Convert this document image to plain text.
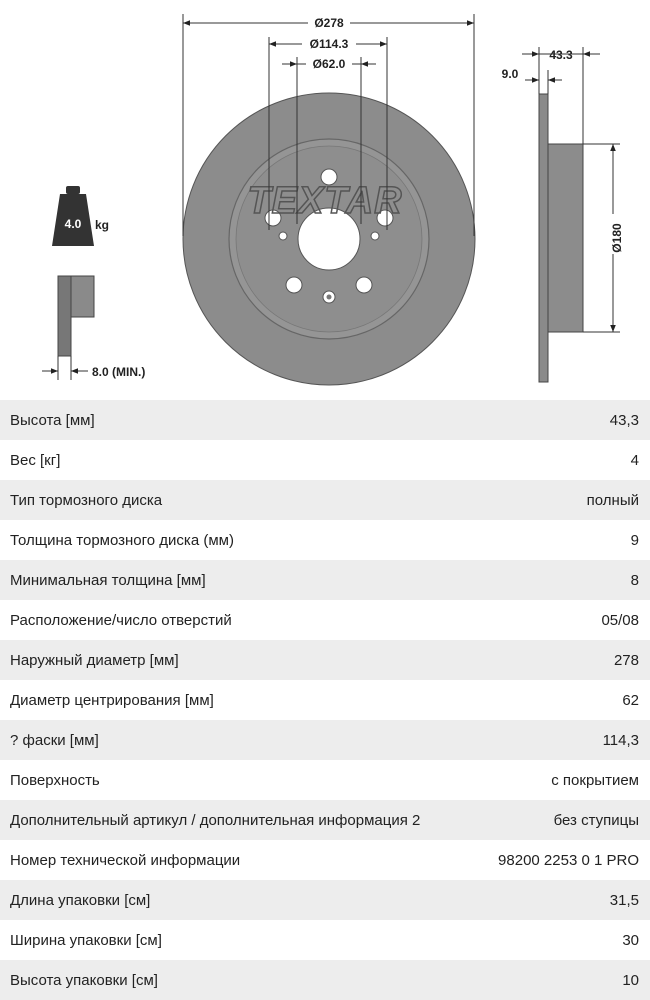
4.0 kg
8.0 (MIN.)
TEXTAR
Ø278
Ø114.3
Ø62.0
43.3
9.0
Ø180
Высота [мм]	43,3
Вес [кг]	4
Тип тормозного диска	полный
Толщина тормозного диска (мм)	9
Минимальная толщина [мм]	8
Расположение/число отверстий	05/08
Наружный диаметр [мм]	278
Диаметр центрирования [мм]	62
? фаски [мм]	114,3
Поверхность	с покрытием
Дополнительный артикул / дополнительная информация 2	без ступицы
Номер технической информации	98200 2253 0 1 PRO
Длина упаковки [см]	31,5
Ширина упаковки [см]	30
Высота упаковки [см]	10
